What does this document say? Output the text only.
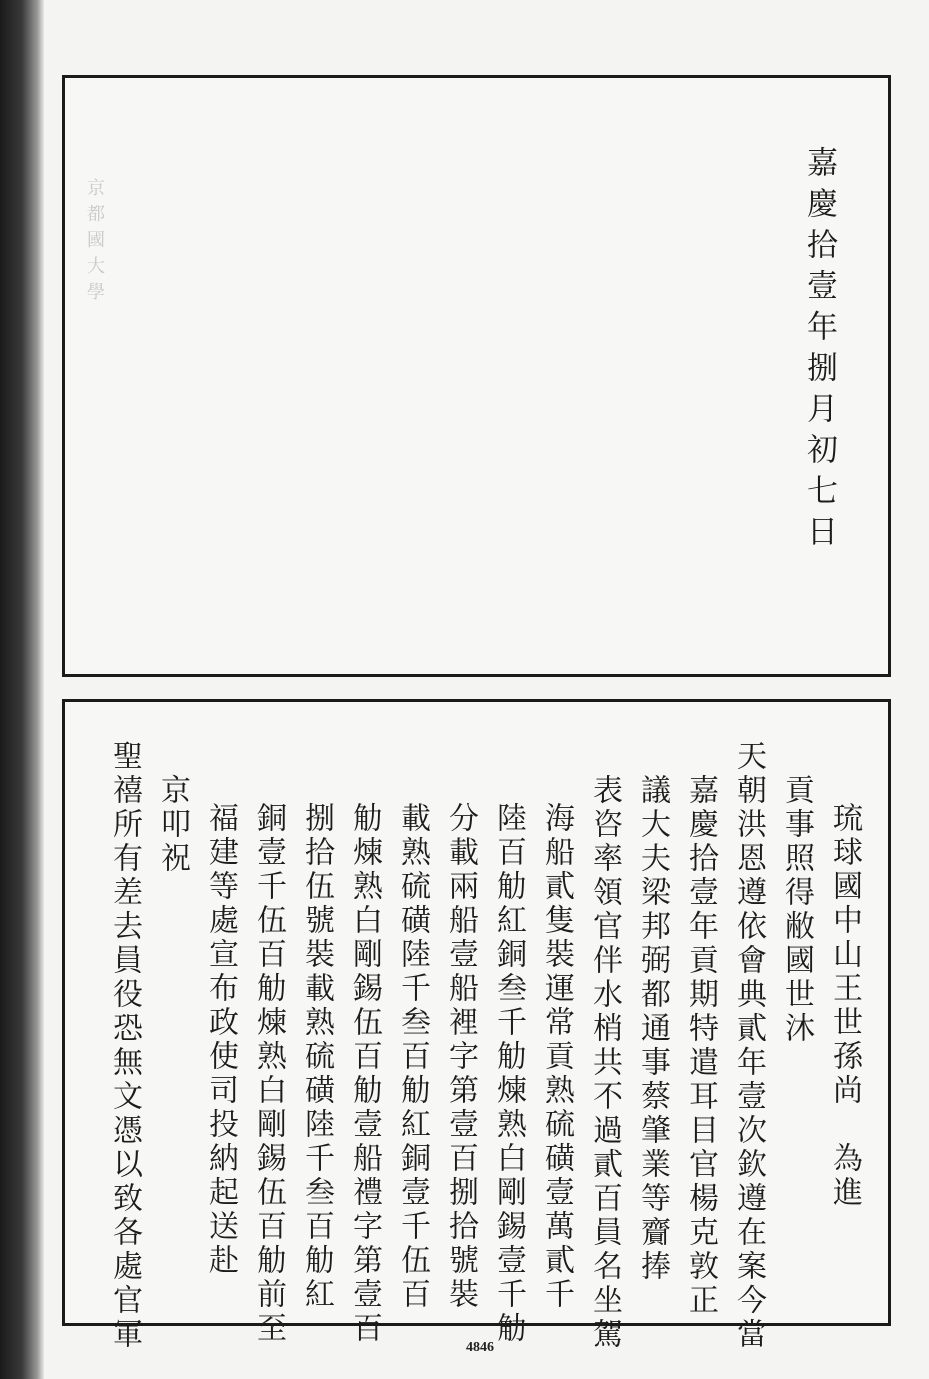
京都國大學	嘉慶拾壹年捌月初七日
琉球國中山王世孫尚　為進
貢事照得敝國世沐
天朝洪恩遵依會典貳年壹次欽遵在案今當
嘉慶拾壹年貢期特遣耳目官楊克敦正
議大夫梁邦弼都通事蔡肇業等齎捧
表咨率領官伴水梢共不過貳百員名坐駕
海船貳隻裝運常貢熟硫磺壹萬貳千
陸百觔紅銅叁千觔煉熟白剛錫壹千觔
分載兩船壹船裡字第壹百捌拾號裝
載熟硫磺陸千叁百觔紅銅壹千伍百
觔煉熟白剛錫伍百觔壹船禮字第壹百
捌拾伍號裝載熟硫磺陸千叁百觔紅
銅壹千伍百觔煉熟白剛錫伍百觔前至
福建等處宣布政使司投納起送赴
京叩祝
聖禧所有差去員役恐無文憑以致各處官軍	4846
